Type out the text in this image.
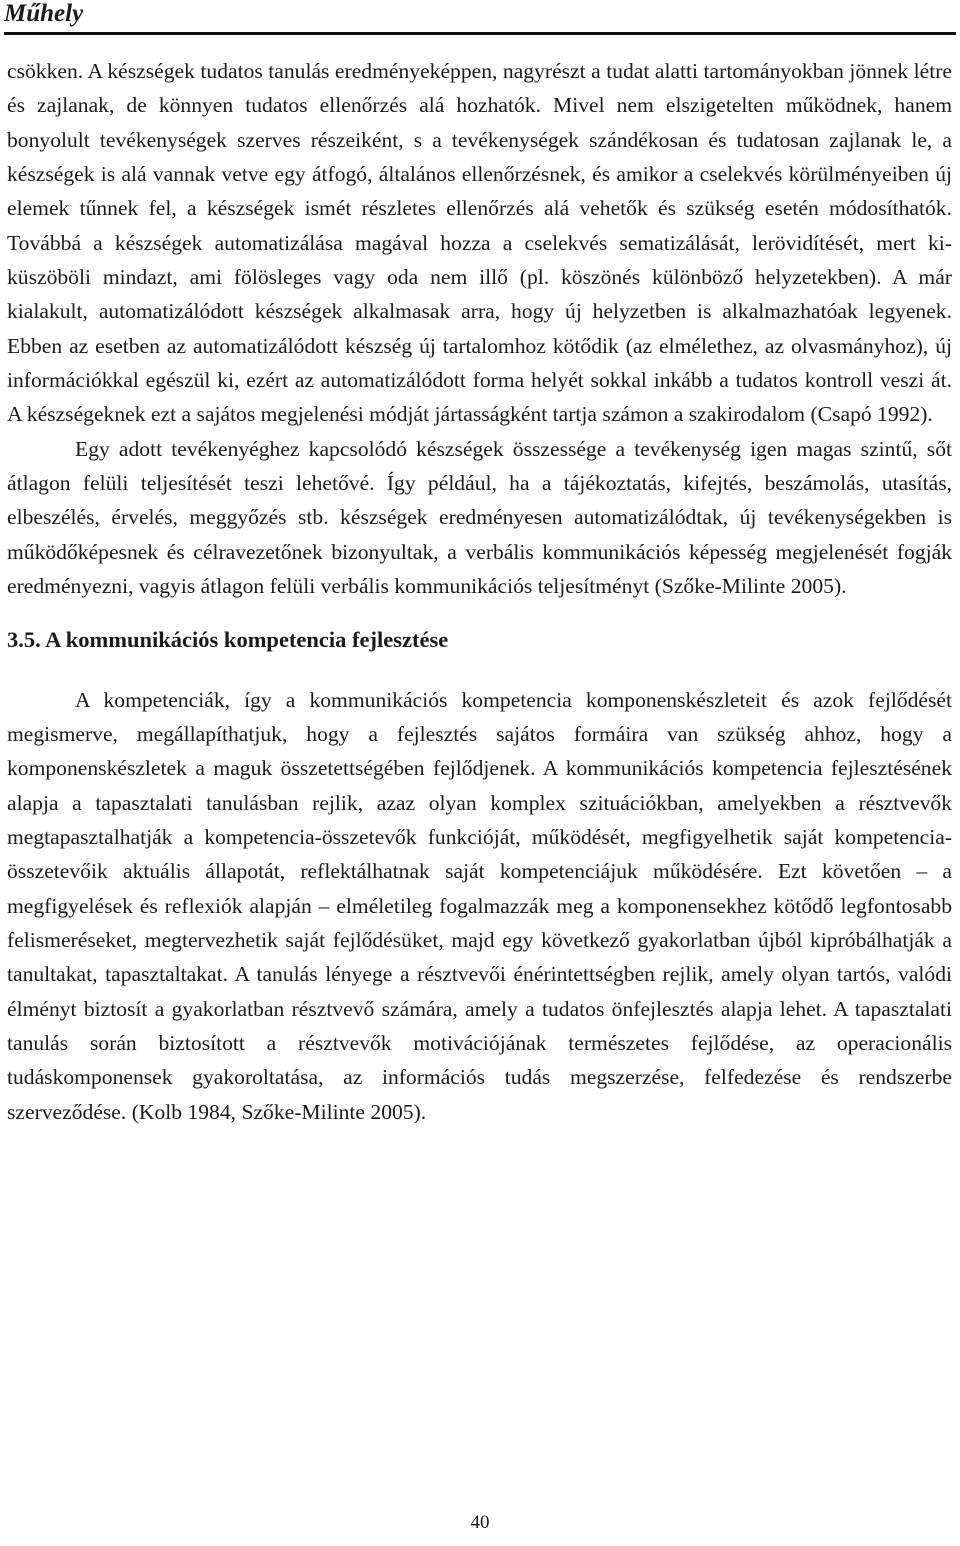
Műhely

csökken. A készségek tudatos tanulás eredményeképpen, nagyrészt a tudat alatti tartományokban jönnek létre és zajlanak, de könnyen tudatos ellenőrzés alá hozhatók. Mivel nem elszigetelten működnek, hanem bonyolult tevékenységek szerves részeiként, s a tevékenységek szándékosan és tudatosan zajlanak le, a készségek is alá vannak vetve egy átfogó, általános ellenőrzésnek, és amikor a cselekvés körülményeiben új elemek tűnnek fel, a készségek ismét részletes ellenőrzés alá vehetők és szükség esetén módosíthatók. Továbbá a készségek automatizálása magával hozza a cselekvés sematizálását, lerövidítését, mert kiküszöböli mindazt, ami fölösleges vagy oda nem illő (pl. köszönés különböző helyzetekben). A már kialakult, automatizálódott készségek alkalmasak arra, hogy új helyzetben is alkalmazhatóak legyenek. Ebben az esetben az automatizálódott készség új tartalomhoz kötődik (az elmélethez, az olvasmányhoz), új információkkal egészül ki, ezért az automatizálódott forma helyét sokkal inkább a tudatos kontroll veszi át. A készségeknek ezt a sajátos megjelenési módját jártasságként tartja számon a szakirodalom (Csapó 1992).

Egy adott tevékenyéghez kapcsolódó készségek összessége a tevékenység igen magas szintű, sőt átlagon felüli teljesítését teszi lehetővé. Így például, ha a tájékoztatás, kifejtés, beszámolás, utasítás, elbeszélés, érvelés, meggyőzés stb. készségek eredményesen automatizálódtak, új tevékenységekben is működőképesnek és célravezetőnek bizonyultak, a verbális kommunikációs képesség megjelenését fogják eredményezni, vagyis átlagon felüli verbális kommunikációs teljesítményt (Szőke-Milinte 2005).

3.5. A kommunikációs kompetencia fejlesztése

A kompetenciák, így a kommunikációs kompetencia komponenskészleteit és azok fejlődését megismerve, megállapíthatjuk, hogy a fejlesztés sajátos formáira van szükség ahhoz, hogy a komponenskészletek a maguk összetettségében fejlődjenek. A kommunikációs kompetencia fejlesztésének alapja a tapasztalati tanulásban rejlik, azaz olyan komplex szituációkban, amelyekben a résztvevők megtapasztalhatják a kompetencia-összetevők funkcióját, működését, megfigyelhetik saját kompetencia-összetevőik aktuális állapotát, reflektálhatnak saját kompetenciájuk működésére. Ezt követően – a megfigyelések és reflexiók alapján – elméletileg fogalmazzák meg a komponensekhez kötődő legfontosabb felismeréseket, megtervezhetik saját fejlődésüket, majd egy következő gyakorlatban újból kipróbálhatják a tanultakat, tapasztaltakat. A tanulás lényege a résztvevői énérintettségben rejlik, amely olyan tartós, valódi élményt biztosít a gyakorlatban résztvevő számára, amely a tudatos önfejlesztés alapja lehet. A tapasztalati tanulás során biztosított a résztvevők motivációjának természetes fejlődése, az operacionális tudáskomponensek gyakoroltatása, az információs tudás megszerzése, felfedezése és rendszerbe szerveződése. (Kolb 1984, Szőke-Milinte 2005).

40
